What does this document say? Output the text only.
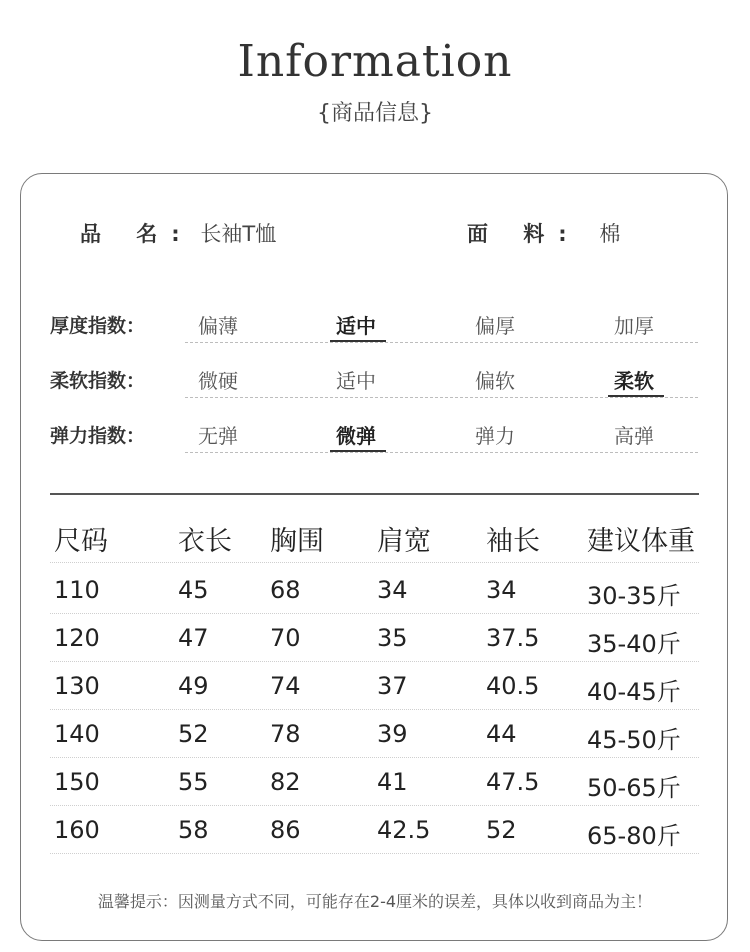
Information
{商品信息}
品 名: 长袖T恤	面 料: 棉
厚度指数：	偏薄	适中	偏厚	加厚
柔软指数：	微硬	适中	偏软	柔软
弹力指数：	无弹	微弹	弹力	高弹
尺码	衣长 胸围 肩宽 袖长 建议体重
110	45	68	34	34	30-35斤
120	47	70	35	37.5 35-40斤
130	49	74	37	40.5 40-45斤
140	52	78	39	44	45-50斤
150	55	82	41	47.5 50-65斤
160	58	86	42.5 52	65-80斤
温馨提示：因测量方式不同，可能存在2-4厘米的误差，具体以收到商品为主！
